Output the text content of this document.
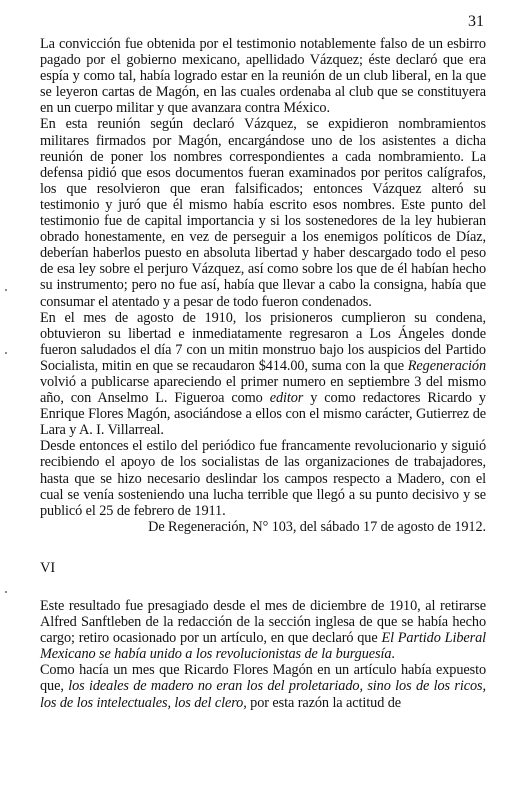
31

La convicción fue obtenida por el testimonio notablemente falso de un esbirro pagado por el gobierno mexicano, apellidado Vázquez; éste declaró que era espía y como tal, había logrado estar en la reunión de un club liberal, en la que se leyeron cartas de Magón, en las cuales ordenaba al club que se constituyera en un cuerpo militar y que avanzara contra México.

En esta reunión según declaró Vázquez, se expidieron nombramientos militares firmados por Magón, encargándose uno de los asistentes a dicha reunión de poner los nombres correspondientes a cada nombramiento. La defensa pidió que esos documentos fueran examinados por peritos calígrafos, los que resolvieron que eran falsificados; entonces Vázquez alteró su testimonio y juró que él mismo había escrito esos nombres. Este punto del testimonio fue de capital importancia y si los sostenedores de la ley hubieran obrado honestamente, en vez de perseguir a los enemigos políticos de Díaz, deberían haberlos puesto en absoluta libertad y haber descargado todo el peso de esa ley sobre el perjuro Vázquez, así como sobre los que de él habían hecho su instrumento; pero no fue así, había que llevar a cabo la consigna, había que consumar el atentado y a pesar de todo fueron condenados.

En el mes de agosto de 1910, los prisioneros cumplieron su condena, obtuvieron su libertad e inmediatamente regresaron a Los Ángeles donde fueron saludados el día 7 con un mitin monstruo bajo los auspicios del Partido Socialista, mitin en que se recaudaron $414.00, suma con la que Regeneración volvió a publicarse apareciendo el primer numero en septiembre 3 del mismo año, con Anselmo L. Figueroa como editor y como redactores Ricardo y Enrique Flores Magón, asociándose a ellos con el mismo carácter, Gutierrez de Lara y A. I. Villarreal.

Desde entonces el estilo del periódico fue francamente revolucionario y siguió recibiendo el apoyo de los socialistas de las organizaciones de trabajadores, hasta que se hizo necesario deslindar los campos respecto a Madero, con el cual se venía sosteniendo una lucha terrible que llegó a su punto decisivo y se publicó el 25 de febrero de 1911.

De Regeneración, N° 103, del sábado 17 de agosto de 1912.

VI

Este resultado fue presagiado desde el mes de diciembre de 1910, al retirarse Alfred Sanftleben de la redacción de la sección inglesa de que se había hecho cargo; retiro ocasionado por un artículo, en que declaró que El Partido Liberal Mexicano se había unido a los revolucionistas de la burguesía.

Como hacía un mes que Ricardo Flores Magón en un artículo había expuesto que, los ideales de madero no eran los del proletariado, sino los de los ricos, los de los intelectuales, los del clero, por esta razón la actitud de
